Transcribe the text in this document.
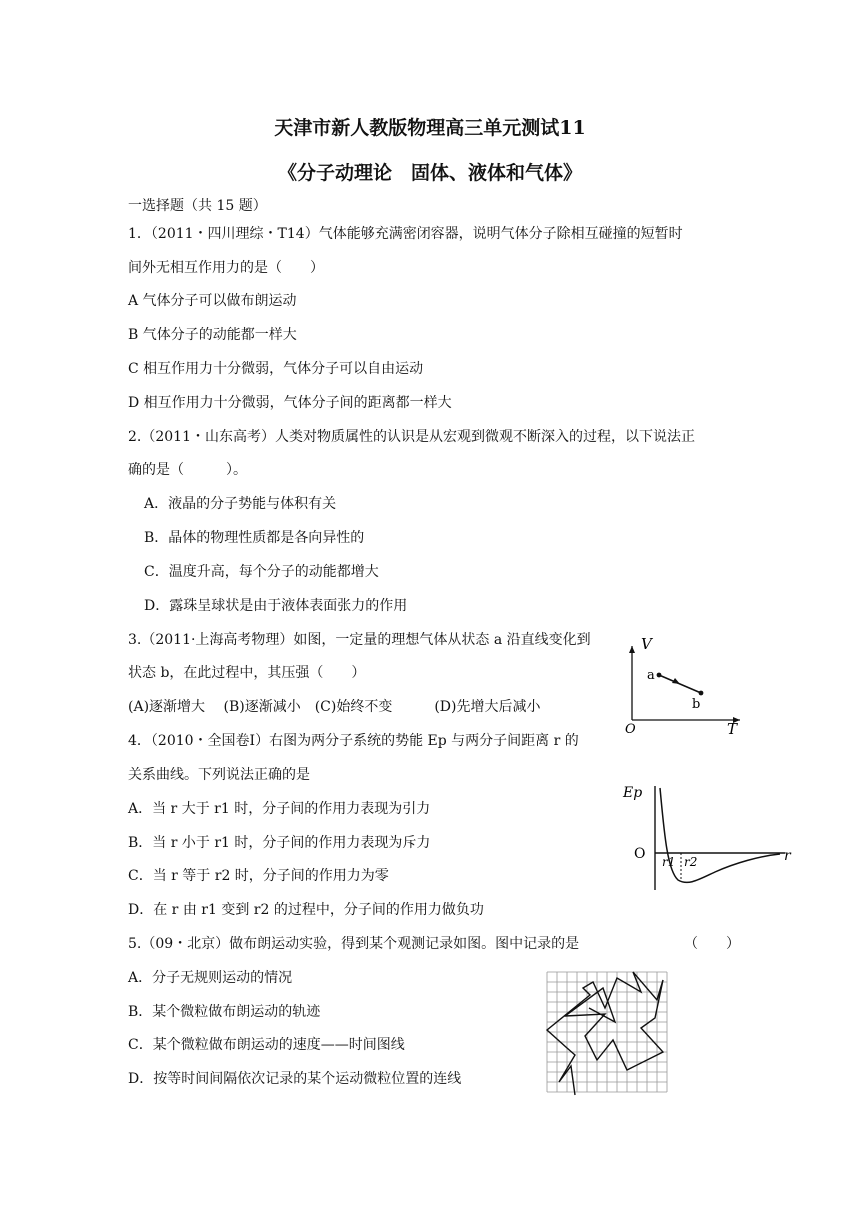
天津市新人教版物理高三单元测试11
《分子动理论　固体、液体和气体》
一选择题（共 15 题）
1．（2011・四川理综・T14）气体能够充满密闭容器，说明气体分子除相互碰撞的短暂时
间外无相互作用力的是（　　）
A 气体分子可以做布朗运动
B 气体分子的动能都一样大
C 相互作用力十分微弱，气体分子可以自由运动
D 相互作用力十分微弱，气体分子间的距离都一样大
2.（2011・山东高考）人类对物质属性的认识是从宏观到微观不断深入的过程，以下说法正
确的是（　　　）。
A．液晶的分子势能与体积有关
B．晶体的物理性质都是各向异性的
C．温度升高，每个分子的动能都增大
D．露珠呈球状是由于液体表面张力的作用
3.（2011·上海高考物理）如图，一定量的理想气体从状态 a 沿直线变化到
状态 b，在此过程中，其压强（　　）
(A)逐渐增大　 (B)逐渐减小　(C)始终不变　　　(D)先增大后减小
V
T
O
a
b
4．（2010・全国卷Ⅰ）右图为两分子系统的势能 Ep 与两分子间距离 r 的
关系曲线。下列说法正确的是
A．当 r 大于 r1 时，分子间的作用力表现为引力
B．当 r 小于 r1 时，分子间的作用力表现为斥力
C．当 r 等于 r2 时，分子间的作用力为零
D．在 r 由 r1 变到 r2 的过程中，分子间的作用力做负功
Ep
r
O r1 r2
5.（09・北京）做布朗运动实验，得到某个观测记录如图。图中记录的是	（　　）
A．分子无规则运动的情况
B．某个微粒做布朗运动的轨迹
C．某个微粒做布朗运动的速度——时间图线
D．按等时间间隔依次记录的某个运动微粒位置的连线
